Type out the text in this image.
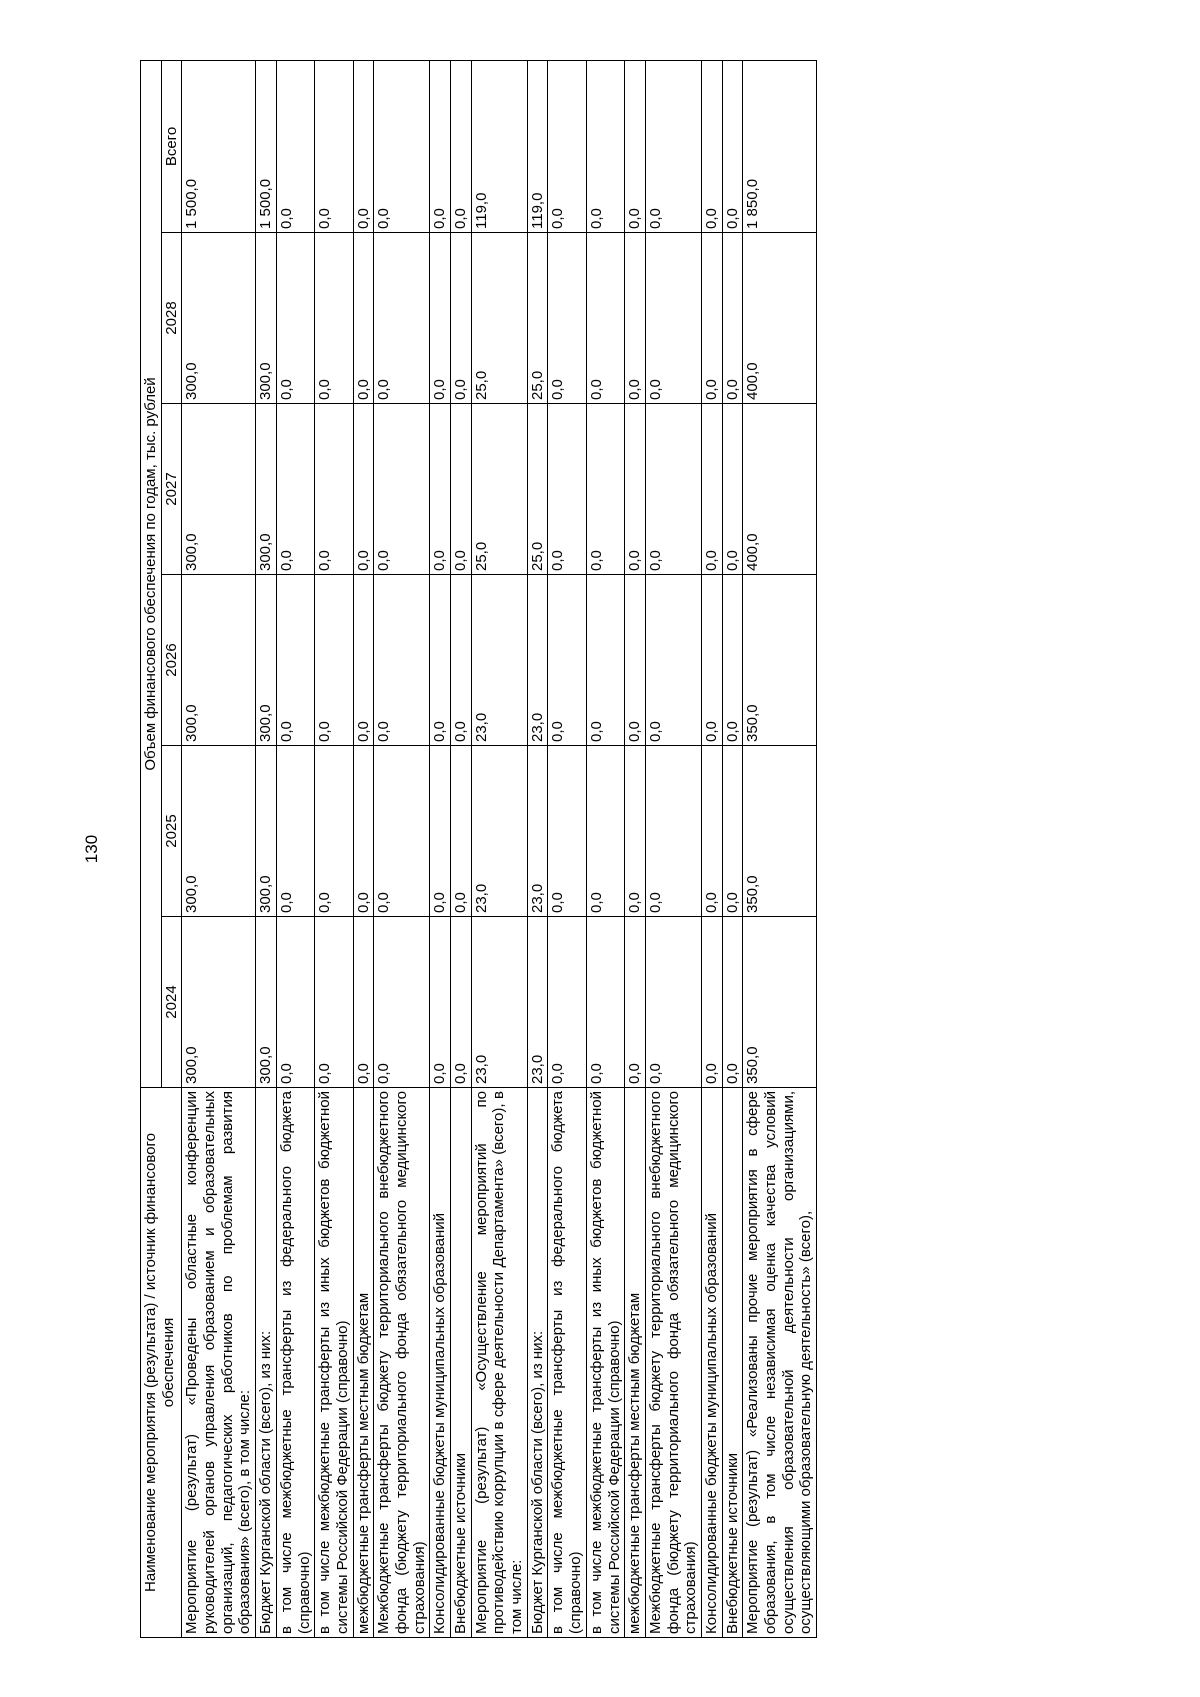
130
Наименование мероприятия (результата) / источник финансового обеспечения	Объем финансового обеспечения по годам, тыс. рублей					
	2024	2025	2026	2027	2028	Всего
Мероприятие (результат) «Проведены областные конференции руководителей органов управления образованием и образовательных организаций, педагогических работников по проблемам развития образования» (всего), в том числе:	300,0	300,0	300,0	300,0	300,0	1 500,0
Бюджет Курганской области (всего), из них:	300,0	300,0	300,0	300,0	300,0	1 500,0
в том числе межбюджетные трансферты из федерального бюджета (справочно)	0,0	0,0	0,0	0,0	0,0	0,0
в том числе межбюджетные трансферты из иных бюджетов бюджетной системы Российской Федерации (справочно)	0,0	0,0	0,0	0,0	0,0	0,0
межбюджетные трансферты местным бюджетам	0,0	0,0	0,0	0,0	0,0	0,0
Межбюджетные трансферты бюджету территориального внебюджетного фонда (бюджету территориального фонда обязательного медицинского страхования)	0,0	0,0	0,0	0,0	0,0	0,0
Консолидированные бюджеты муниципальных образований	0,0	0,0	0,0	0,0	0,0	0,0
Внебюджетные источники	0,0	0,0	0,0	0,0	0,0	0,0
Мероприятие (результат) «Осуществление мероприятий по противодействию коррупции в сфере деятельности Департамента» (всего), в том числе:	23,0	23,0	23,0	25,0	25,0	119,0
Бюджет Курганской области (всего), из них:	23,0	23,0	23,0	25,0	25,0	119,0
в том числе межбюджетные трансферты из федерального бюджета (справочно)	0,0	0,0	0,0	0,0	0,0	0,0
в том числе межбюджетные трансферты из иных бюджетов бюджетной системы Российской Федерации (справочно)	0,0	0,0	0,0	0,0	0,0	0,0
межбюджетные трансферты местным бюджетам	0,0	0,0	0,0	0,0	0,0	0,0
Межбюджетные трансферты бюджету территориального внебюджетного фонда (бюджету территориального фонда обязательного медицинского страхования)	0,0	0,0	0,0	0,0	0,0	0,0
Консолидированные бюджеты муниципальных образований	0,0	0,0	0,0	0,0	0,0	0,0
Внебюджетные источники	0,0	0,0	0,0	0,0	0,0	0,0
Мероприятие (результат) «Реализованы прочие мероприятия в сфере образования, в том числе независимая оценка качества условий осуществления образовательной деятельности организациями, осуществляющими образовательную деятельность» (всего),	350,0	350,0	350,0	400,0	400,0	1 850,0
